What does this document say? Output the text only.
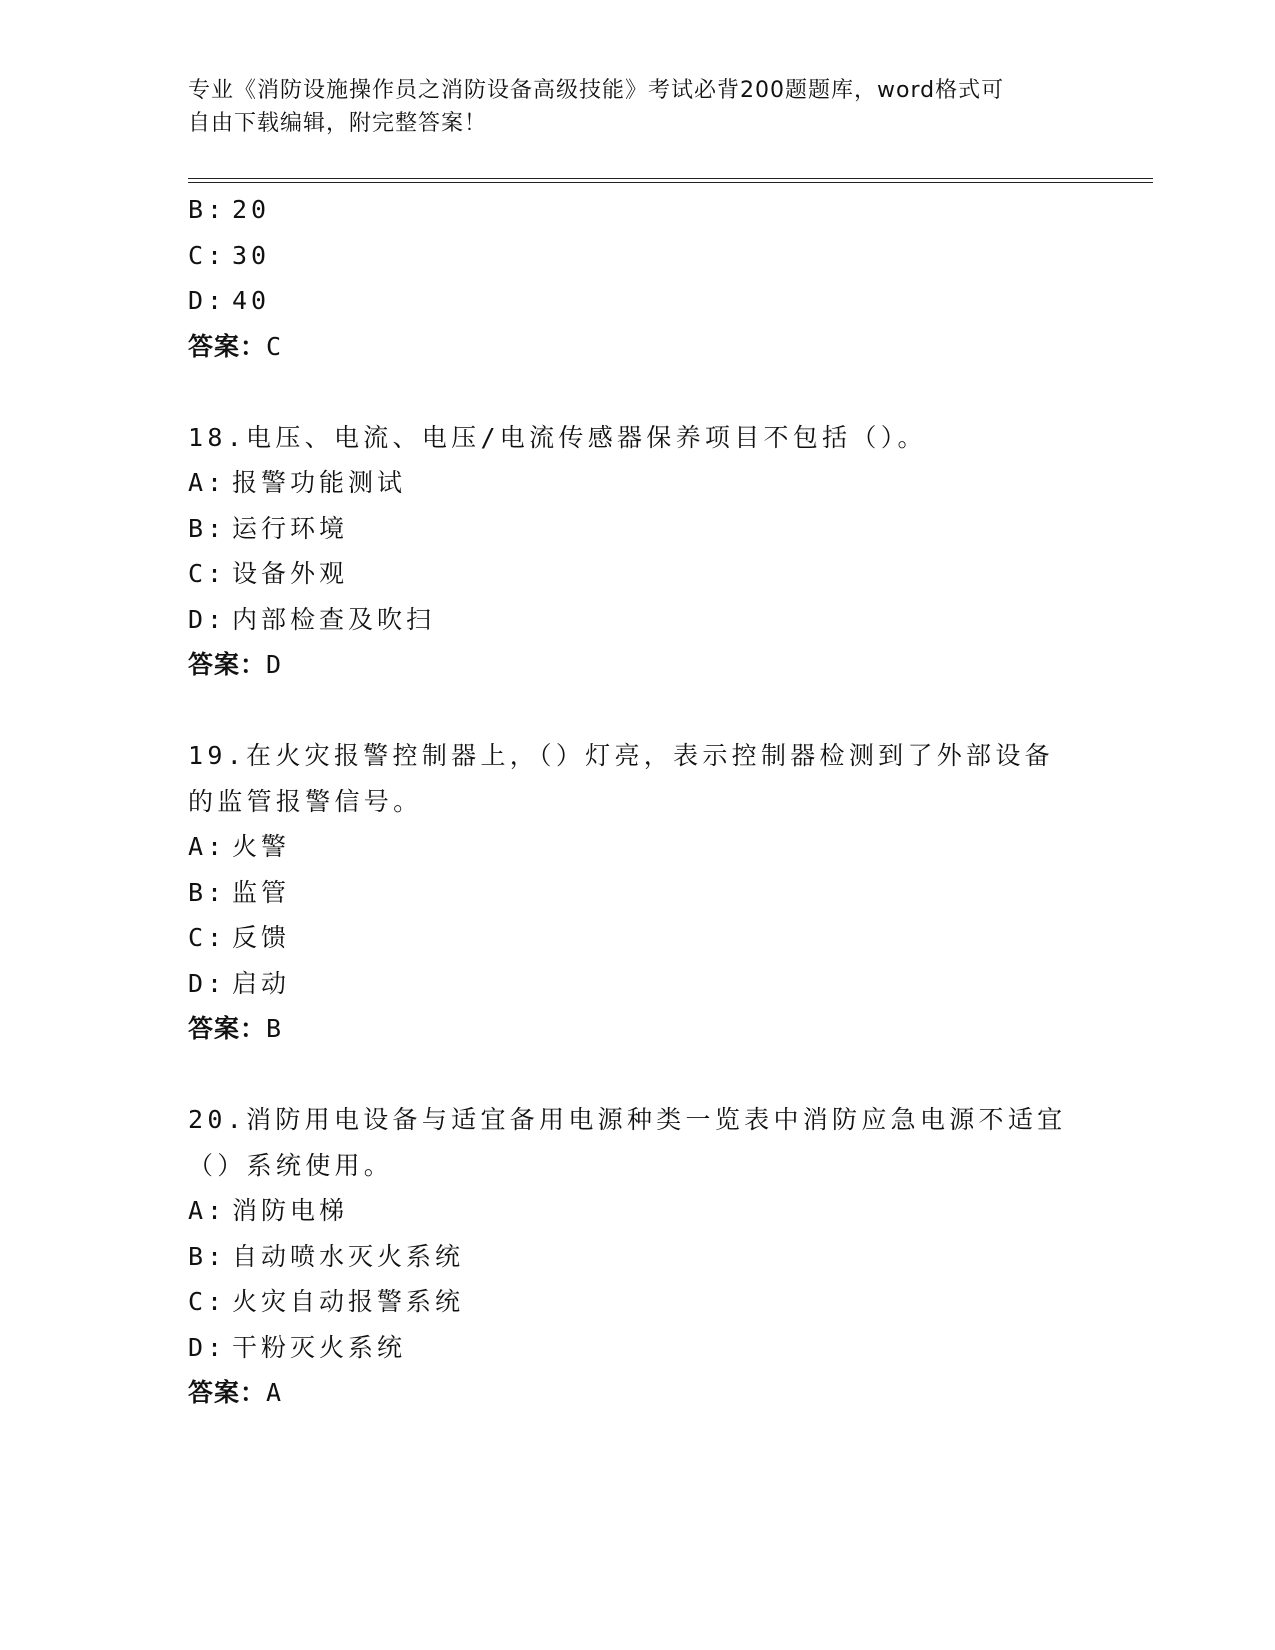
专业《消防设施操作员之消防设备高级技能》考试必背200题题库，word格式可
自由下载编辑，附完整答案！
B: 20
C: 30
D: 40
答案：C
18.电压、电流、电压/电流传感器保养项目不包括（）。
A: 报警功能测试
B: 运行环境
C: 设备外观
D: 内部检查及吹扫
答案：D
19.在火灾报警控制器上，（）灯亮，表示控制器检测到了外部设备的监管报警信号。
A: 火警
B: 监管
C: 反馈
D: 启动
答案：B
20.消防用电设备与适宜备用电源种类一览表中消防应急电源不适宜（）系统使用。
A: 消防电梯
B: 自动喷水灭火系统
C: 火灾自动报警系统
D: 干粉灭火系统
答案：A
